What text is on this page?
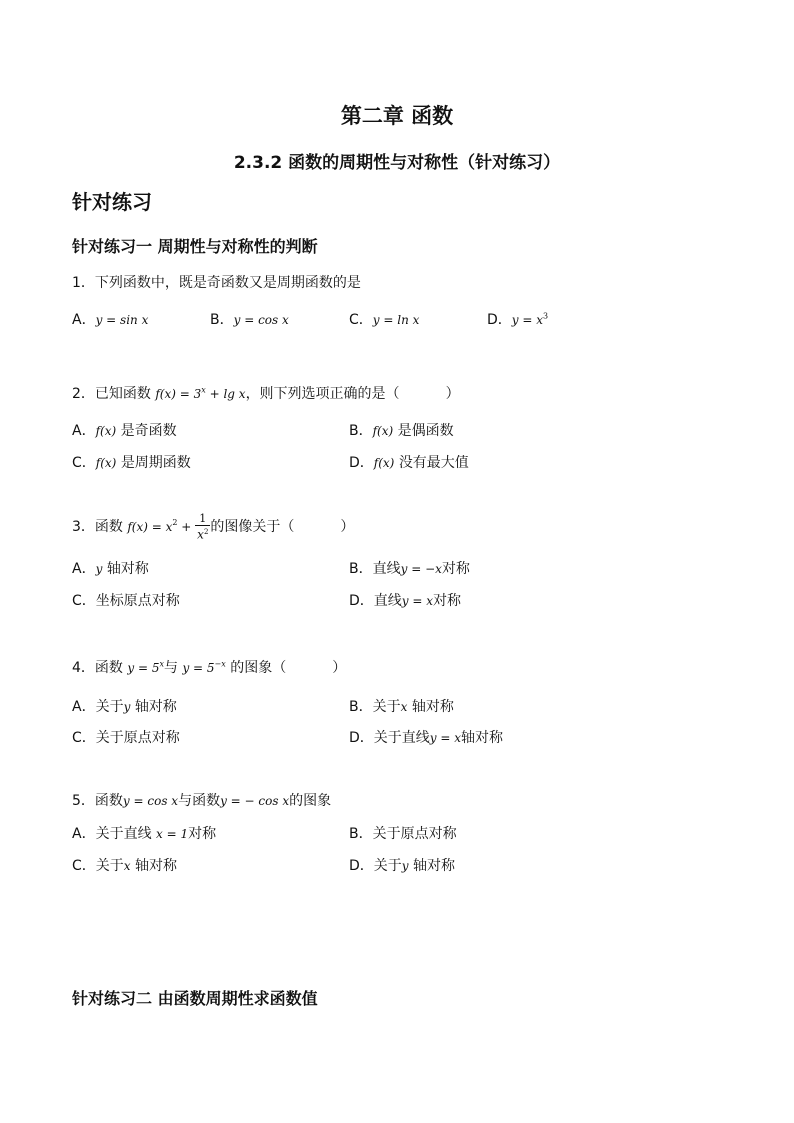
第二章 函数
2.3.2 函数的周期性与对称性（针对练习）
针对练习
针对练习一 周期性与对称性的判断
1．下列函数中，既是奇函数又是周期函数的是
A．y = sin x	B．y = cos x	C．y = ln x	D．$y = x^3$
2．已知函数 $f(x) = 3^x + \lg x$，则下列选项正确的是（	）
A．f(x) 是奇函数	B．f(x) 是偶函数
C．f(x) 是周期函数	D．f(x) 没有最大值
3．函数 $f(x) = x^2 + \frac{1}{x^2}$ 的图像关于（	）
A．y 轴对称	B．直线y = −x对称
C．坐标原点对称	D．直线y = x对称
4．函数 $y = 5^x$与 $y = 5^{-x}$ 的图象（	）
A．关于y 轴对称	B．关于x 轴对称
C．关于原点对称	D．关于直线y = x轴对称
5．函数y = cos x与函数y = − cos x的图象
A．关于直线 x = 1对称	B．关于原点对称
C．关于x 轴对称	D．关于y 轴对称
针对练习二 由函数周期性求函数值
